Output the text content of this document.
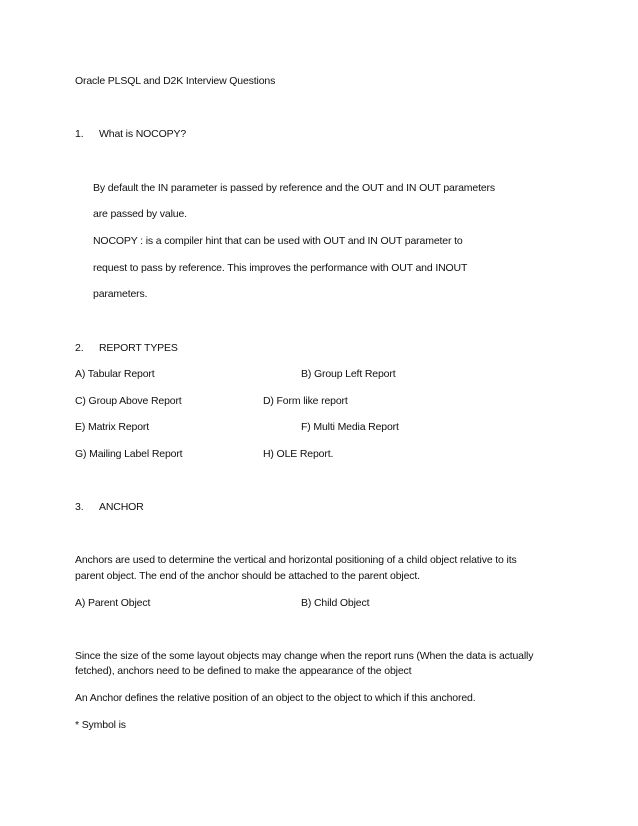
Oracle PLSQL and D2K Interview Questions
1. What is NOCOPY?
By default the IN parameter is passed by reference and the OUT and IN OUT parameters
are passed by value.
NOCOPY : is a compiler hint that can be used with OUT and IN OUT parameter to
request to pass by reference. This improves the performance with OUT and INOUT
parameters.
2. REPORT TYPES
A) Tabular Report	B) Group Left Report
C) Group Above Report	D) Form like report
E) Matrix Report	F) Multi Media Report
G) Mailing Label Report	H) OLE Report.
3. ANCHOR
Anchors are used to determine the vertical and horizontal positioning of a child object relative to its
parent object. The end of the anchor should be attached to the parent object.
A) Parent Object	B) Child Object
Since the size of the some layout objects may change when the report runs (When the data is actually
fetched), anchors need to be defined to make the appearance of the object
An Anchor defines the relative position of an object to the object to which if this anchored.
* Symbol is
